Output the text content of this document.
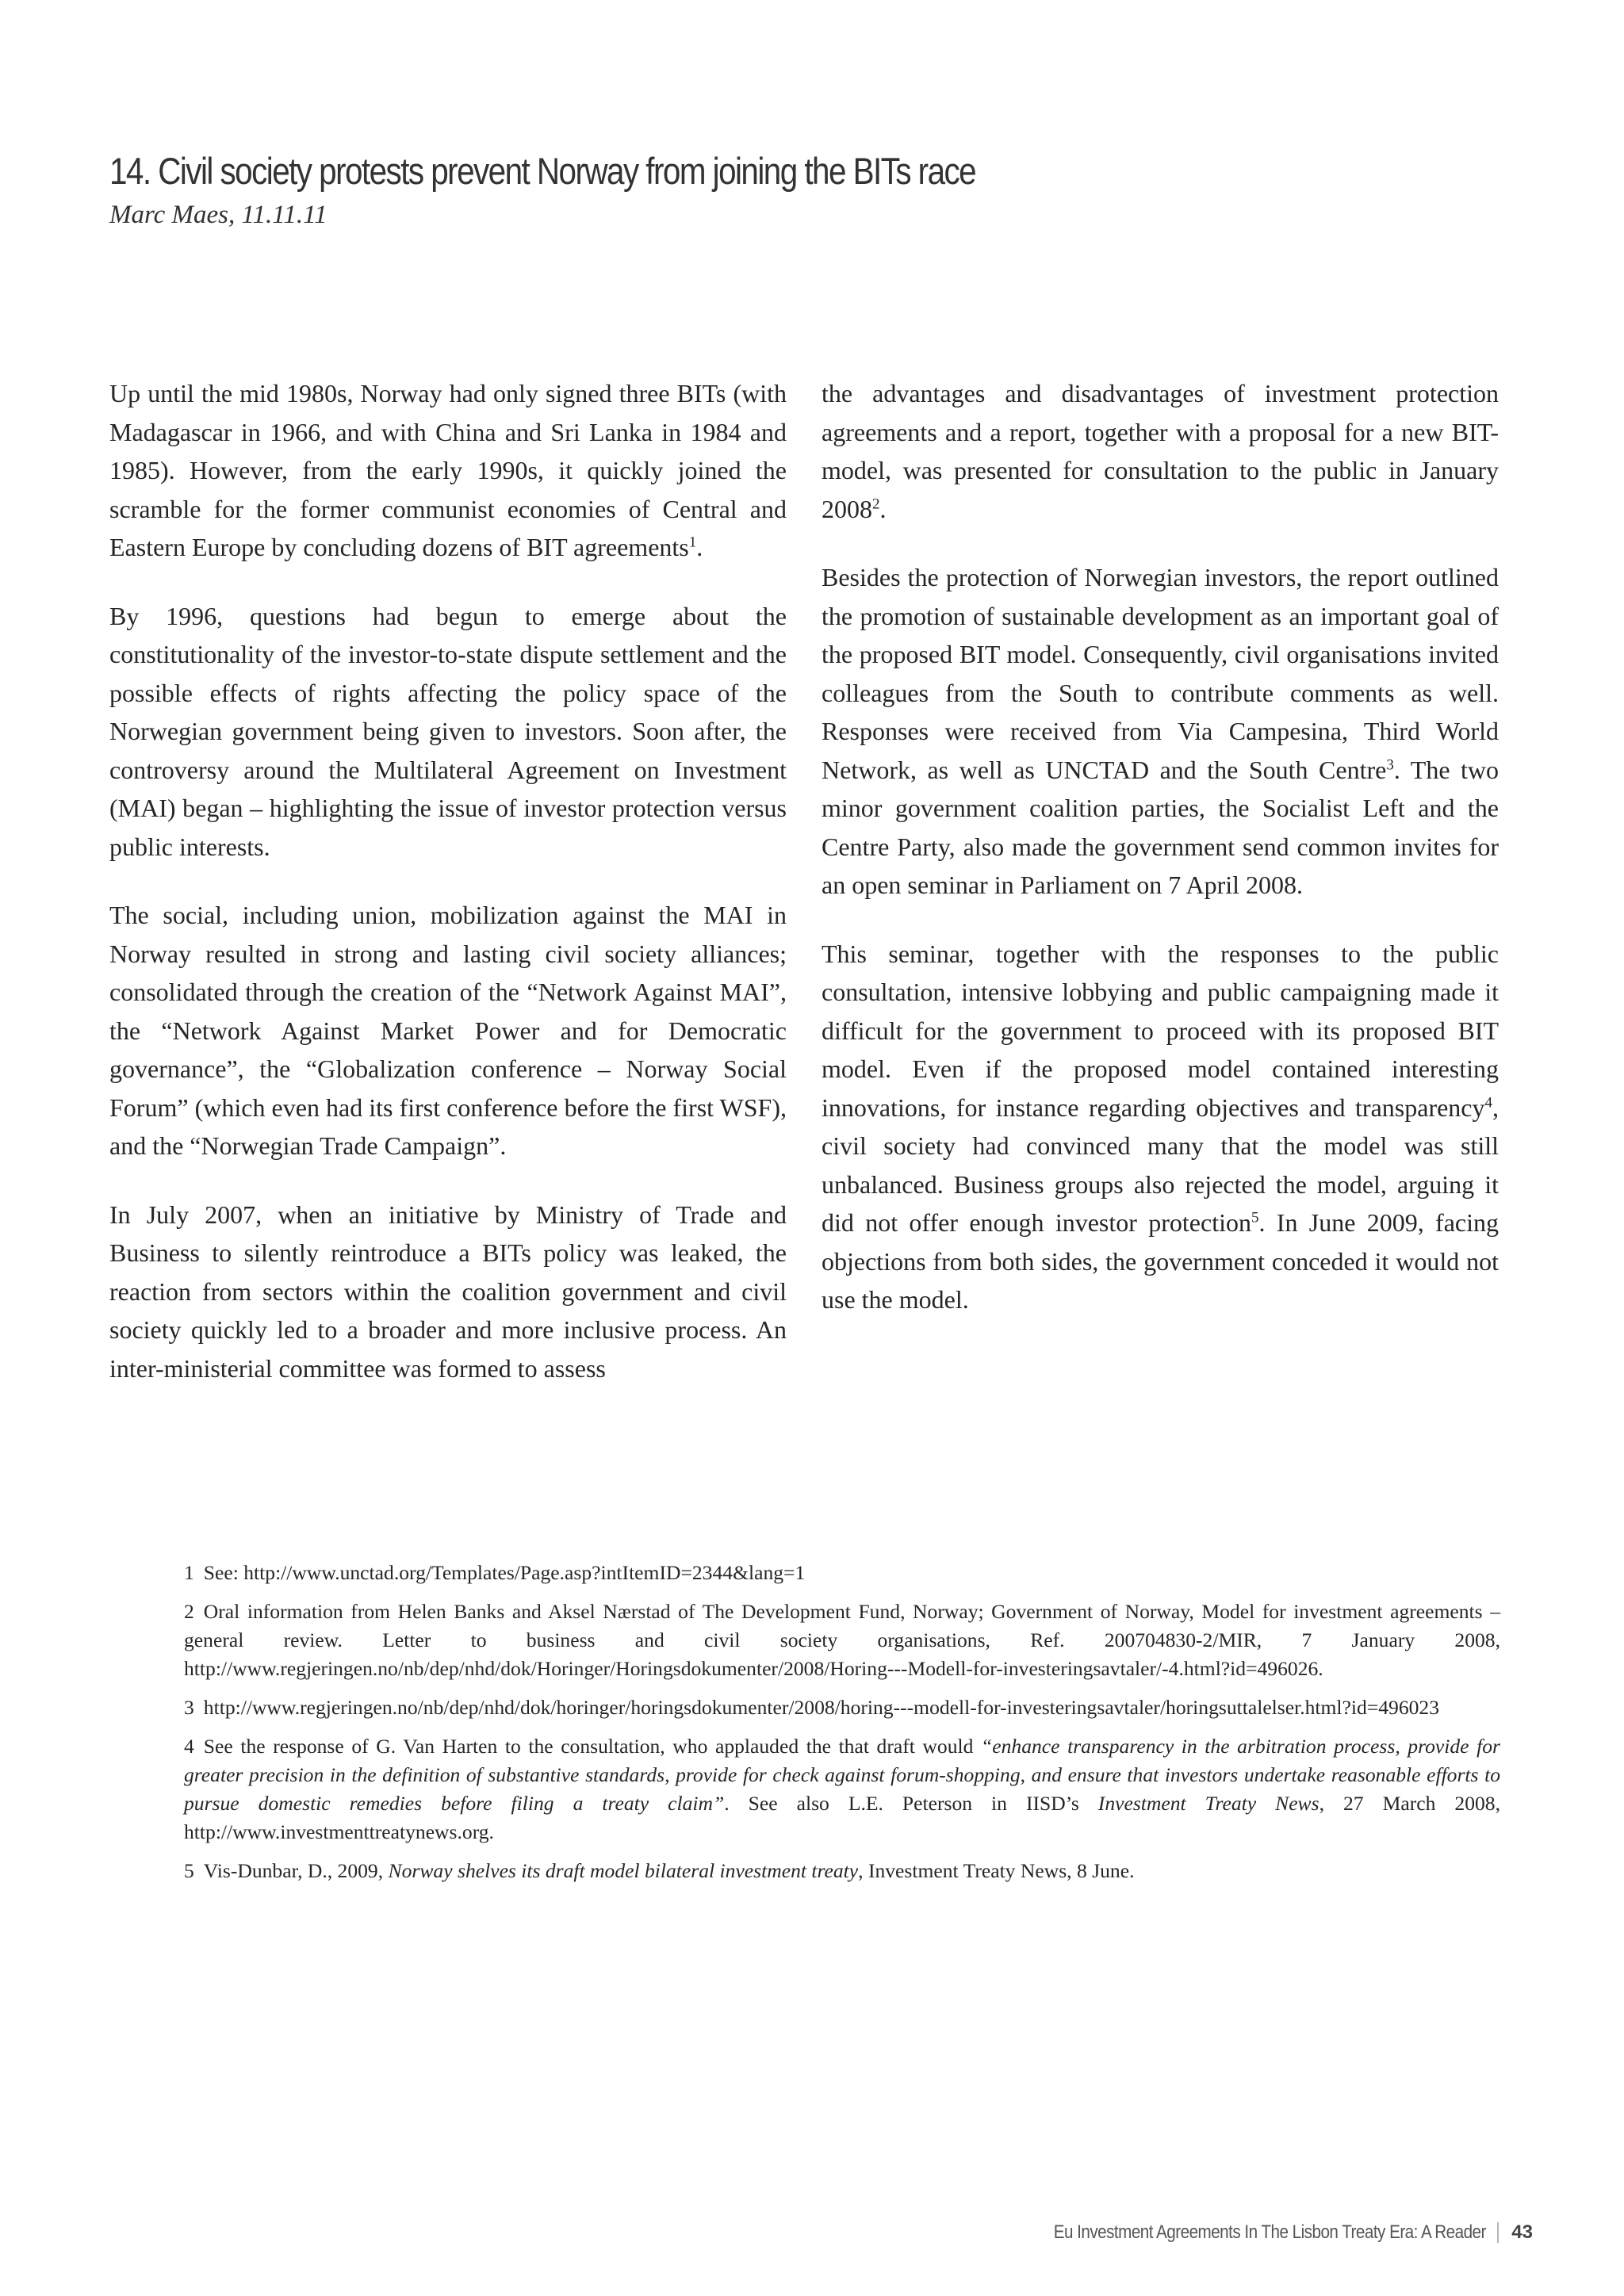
14. Civil society protests prevent Norway from joining the BITs race
Marc Maes, 11.11.11

Up until the mid 1980s, Norway had only signed three BITs (with Madagascar in 1966, and with China and Sri Lanka in 1984 and 1985). However, from the early 1990s, it quickly joined the scramble for the former communist economies of Central and Eastern Europe by concluding dozens of BIT agreements$^1$.

By 1996, questions had begun to emerge about the constitutionality of the investor-to-state dispute settlement and the possible effects of rights affecting the policy space of the Norwegian government being given to investors. Soon after, the controversy around the Multilateral Agreement on Investment (MAI) began – highlighting the issue of investor protection versus public interests.

The social, including union, mobilization against the MAI in Norway resulted in strong and lasting civil society alliances; consolidated through the creation of the “Network Against MAI”, the “Network Against Market Power and for Democratic governance”, the “Globalization conference – Norway Social Forum” (which even had its first conference before the first WSF), and the “Norwegian Trade Campaign”.

In July 2007, when an initiative by Ministry of Trade and Business to silently reintroduce a BITs policy was leaked, the reaction from sectors within the coalition government and civil society quickly led to a broader and more inclusive process. An inter-ministerial committee was formed to assess

the advantages and disadvantages of investment protection agreements and a report, together with a proposal for a new BIT-model, was presented for consultation to the public in January 2008$^2$.

Besides the protection of Norwegian investors, the report outlined the promotion of sustainable development as an important goal of the proposed BIT model. Consequently, civil organisations invited colleagues from the South to contribute comments as well. Responses were received from Via Campesina, Third World Network, as well as UNCTAD and the South Centre$^3$. The two minor government coalition parties, the Socialist Left and the Centre Party, also made the government send common invites for an open seminar in Parliament on 7 April 2008.

This seminar, together with the responses to the public consultation, intensive lobbying and public campaigning made it difficult for the government to proceed with its proposed BIT model. Even if the proposed model contained interesting innovations, for instance regarding objectives and transparency$^4$, civil society had convinced many that the model was still unbalanced. Business groups also rejected the model, arguing it did not offer enough investor protection$^5$. In June 2009, facing objections from both sides, the government conceded it would not use the model.

1 See: http://www.unctad.org/Templates/Page.asp?intItemID=2344&lang=1

2 Oral information from Helen Banks and Aksel Nærstad of The Development Fund, Norway; Government of Norway, Model for investment agreements – general review. Letter to business and civil society organisations, Ref. 200704830-2/MIR, 7 January 2008, http://www.regjeringen.no/nb/dep/nhd/dok/Horinger/Horingsdokumenter/2008/Horing---Modell-for-investeringsavtaler/-4.html?id=496026.

3 http://www.regjeringen.no/nb/dep/nhd/dok/horinger/horingsdokumenter/2008/horing---modell-for-investeringsavtaler/horingsuttalelser.html?id=496023

4 See the response of G. Van Harten to the consultation, who applauded the that draft would “enhance transparency in the arbitration process, provide for greater precision in the definition of substantive standards, provide for check against forum-shopping, and ensure that investors undertake reasonable efforts to pursue domestic remedies before filing a treaty claim”. See also L.E. Peterson in IISD’s Investment Treaty News, 27 March 2008, http://www.investmenttreatynews.org.

5 Vis-Dunbar, D., 2009, Norway shelves its draft model bilateral investment treaty, Investment Treaty News, 8 June.

Eu Investment Agreements In The Lisbon Treaty Era: A Reader 43
